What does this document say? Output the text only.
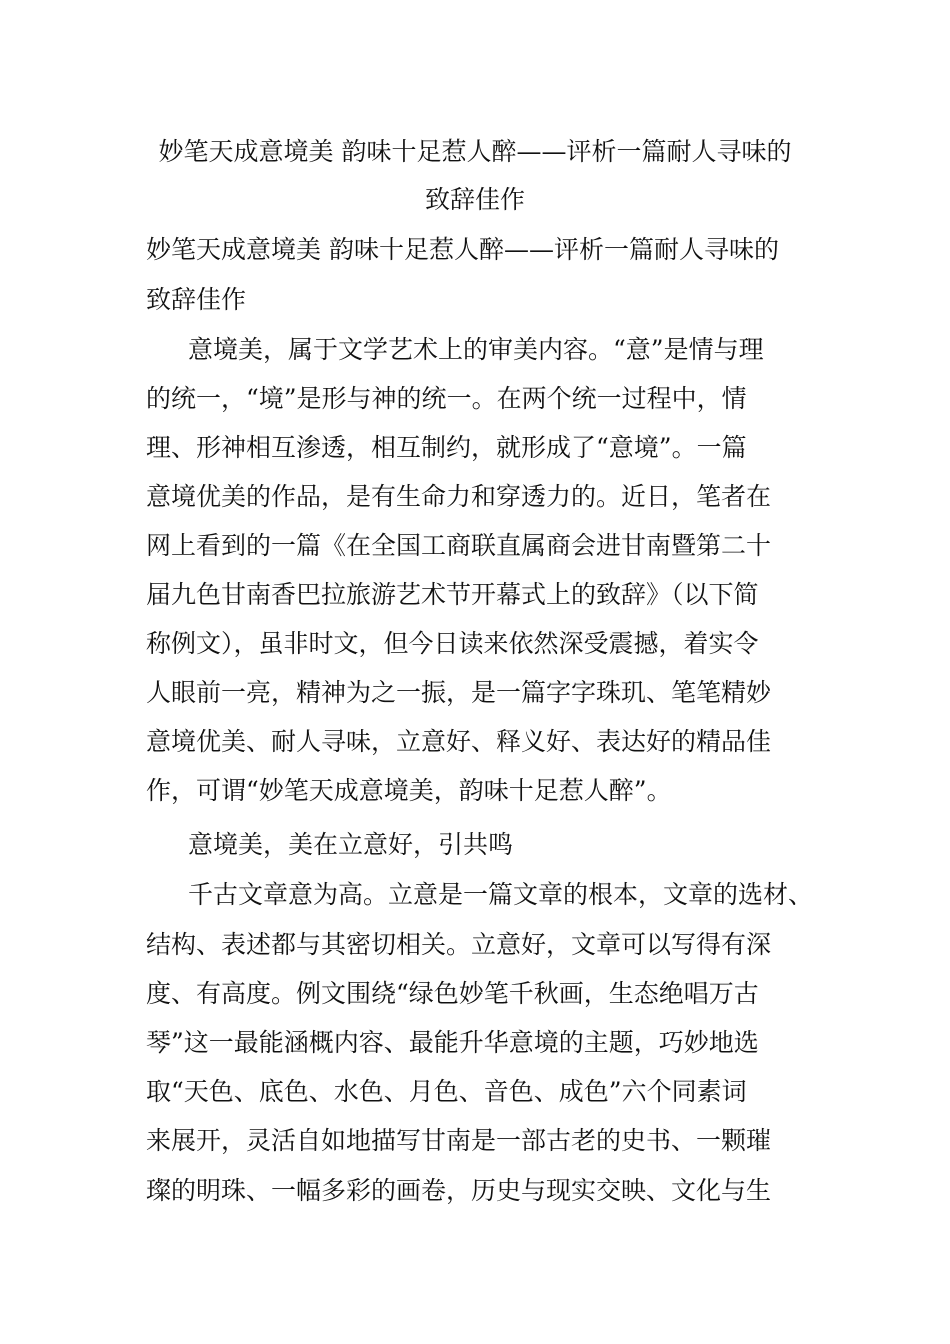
妙笔天成意境美 韵味十足惹人醉——评析一篇耐人寻味的
致辞佳作
妙笔天成意境美 韵味十足惹人醉——评析一篇耐人寻味的
致辞佳作
意境美，属于文学艺术上的审美内容。“意”是情与理
的统一，“境”是形与神的统一。在两个统一过程中，情
理、形神相互渗透，相互制约，就形成了“意境”。一篇
意境优美的作品，是有生命力和穿透力的。近日，笔者在
网上看到的一篇《在全国工商联直属商会进甘南暨第二十
届九色甘南香巴拉旅游艺术节开幕式上的致辞》（以下简
称例文），虽非时文，但今日读来依然深受震撼，着实令
人眼前一亮，精神为之一振，是一篇字字珠玑、笔笔精妙
意境优美、耐人寻味，立意好、释义好、表达好的精品佳
作，可谓“妙笔天成意境美，韵味十足惹人醉”。
意境美，美在立意好，引共鸣
千古文章意为高。立意是一篇文章的根本，文章的选材、
结构、表述都与其密切相关。立意好，文章可以写得有深
度、有高度。例文围绕“绿色妙笔千秋画，生态绝唱万古
琴”这一最能涵概内容、最能升华意境的主题，巧妙地选
取“天色、底色、水色、月色、音色、成色”六个同素词
来展开，灵活自如地描写甘南是一部古老的史书、一颗璀
璨的明珠、一幅多彩的画卷，历史与现实交映、文化与生
